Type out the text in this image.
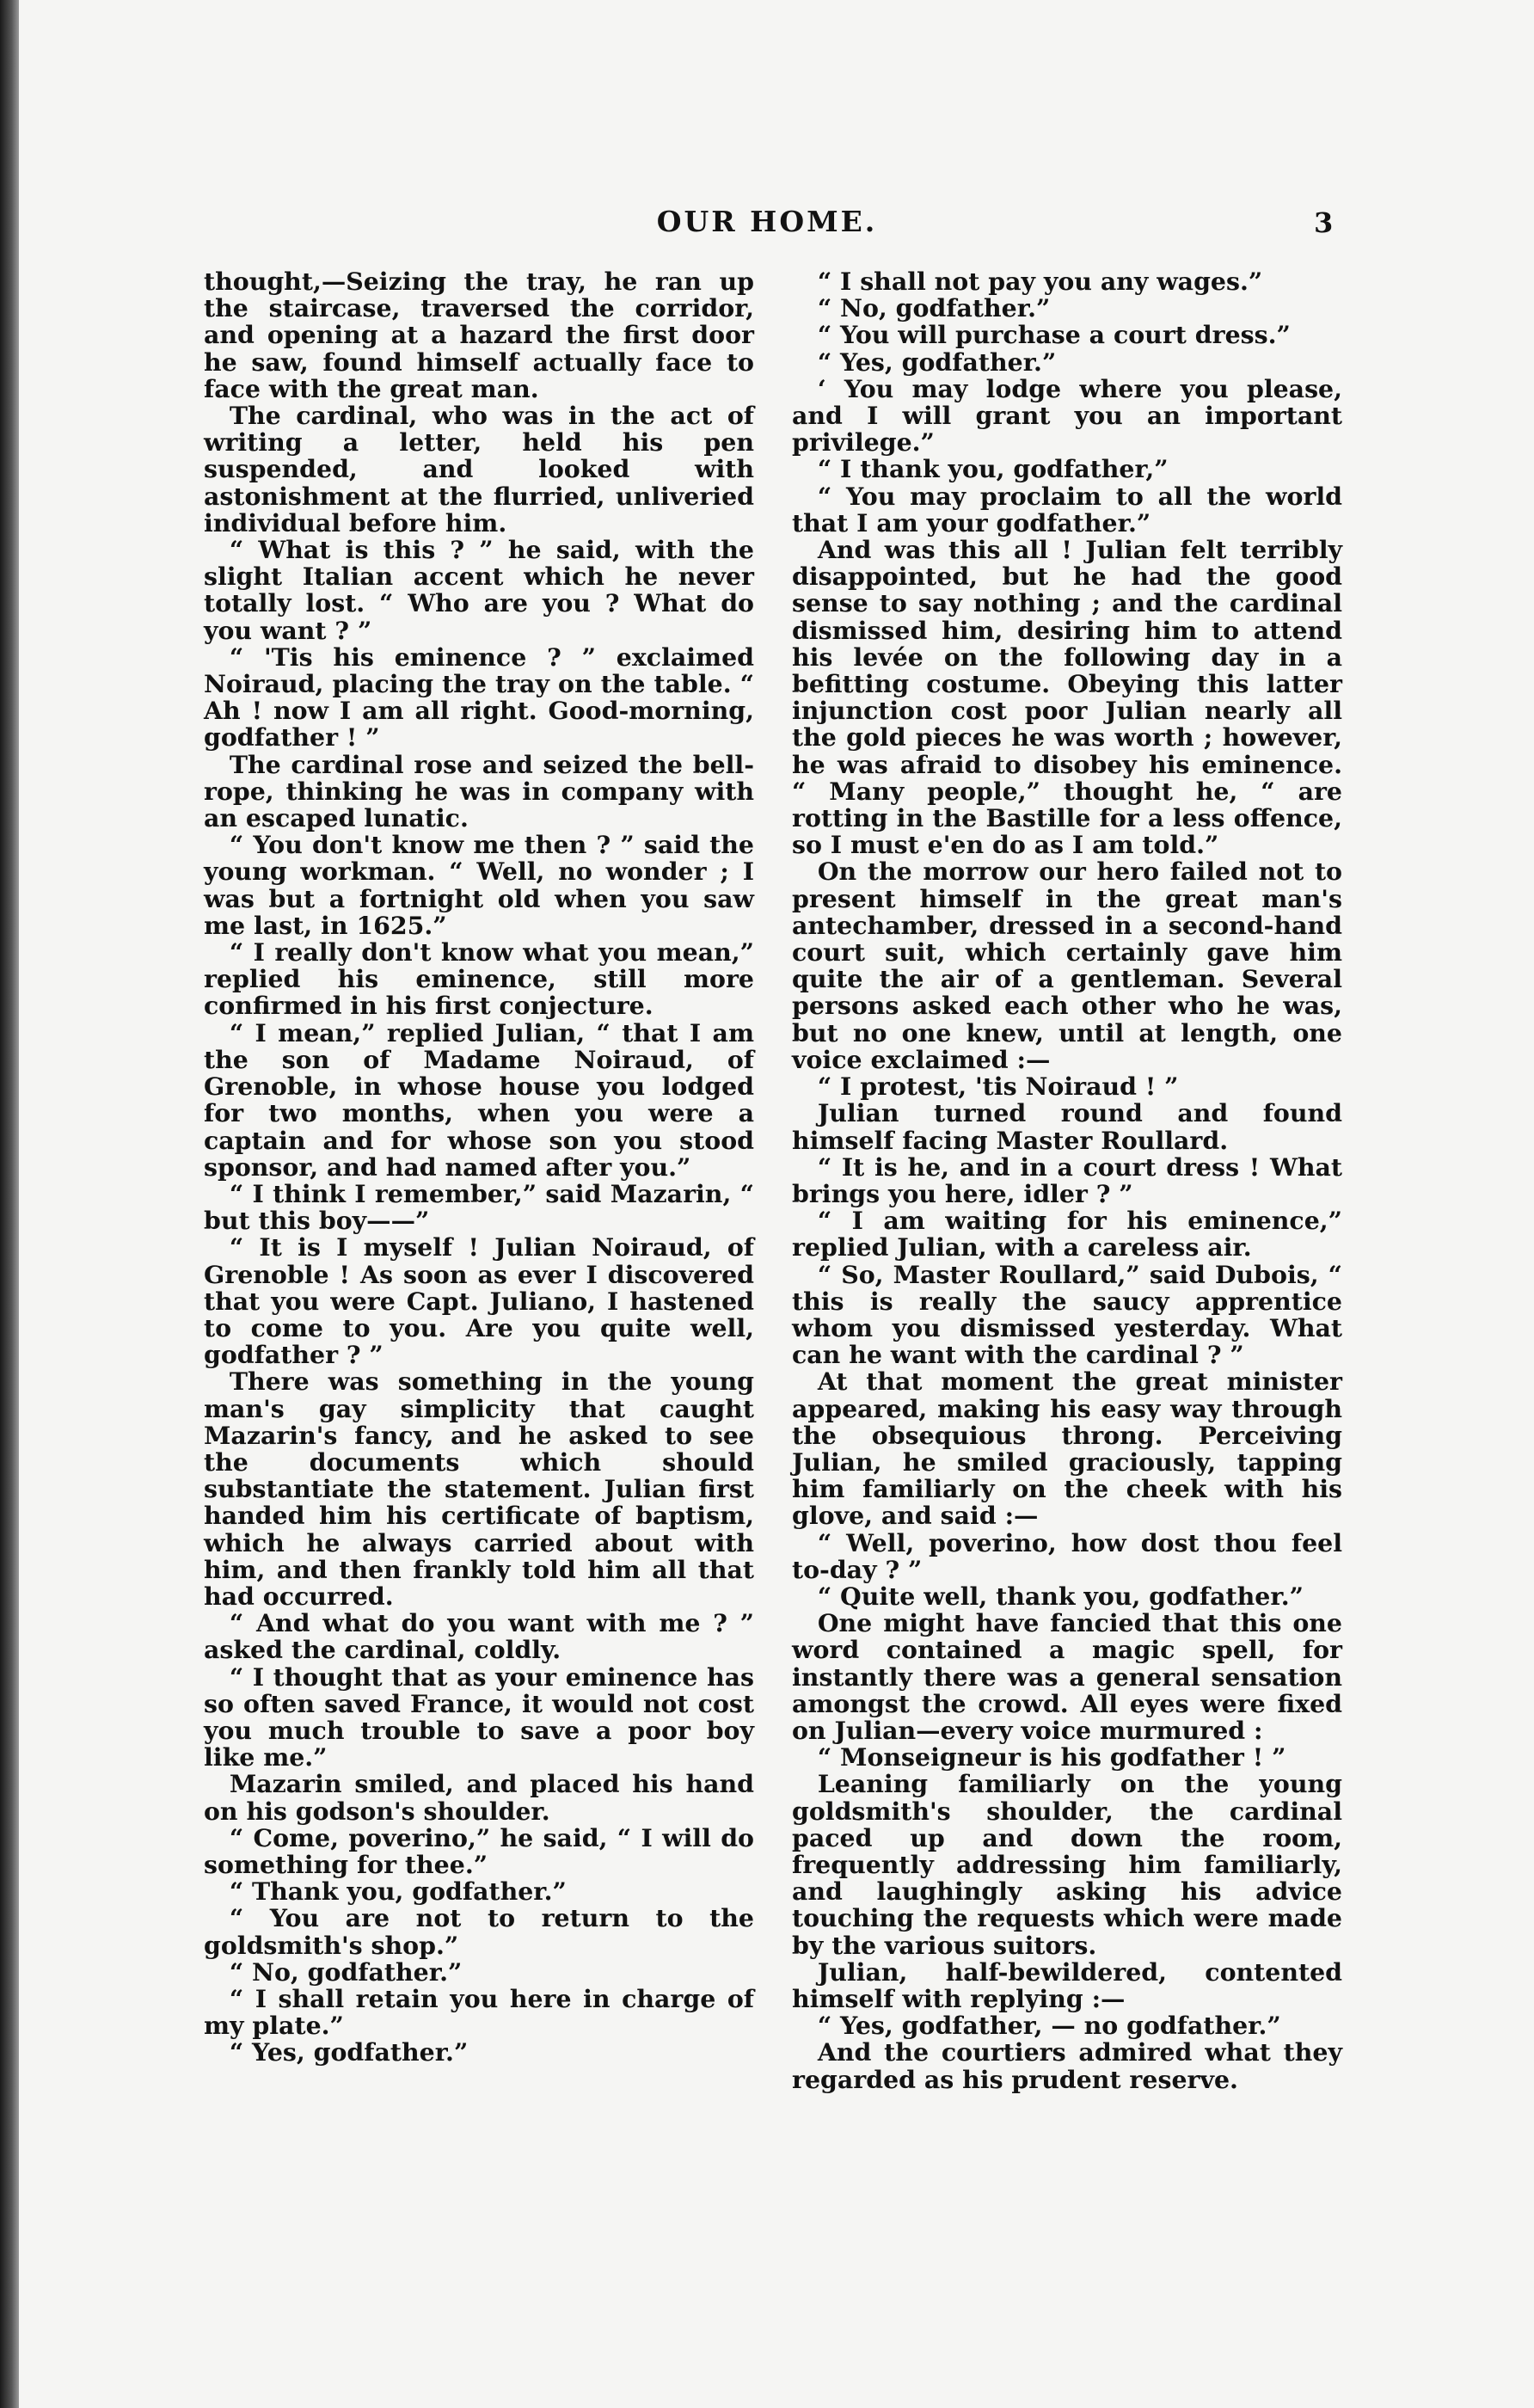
OUR HOME.	3

thought,—Seizing the tray, he ran up the staircase, traversed the corridor, and opening at a hazard the first door he saw, found himself actually face to face with the great man.

The cardinal, who was in the act of writing a letter, held his pen suspended, and looked with astonishment at the flurried, unliveried individual before him.

“ What is this ? ” he said, with the slight Italian accent which he never totally lost. “ Who are you ? What do you want ? ”

“ 'Tis his eminence ? ” exclaimed Noiraud, placing the tray on the table. “ Ah ! now I am all right. Good-morning, godfather ! ”

The cardinal rose and seized the bell-rope, thinking he was in company with an escaped lunatic.

“ You don't know me then ? ” said the young workman. “ Well, no wonder ; I was but a fortnight old when you saw me last, in 1625.”

“ I really don't know what you mean,” replied his eminence, still more confirmed in his first conjecture.

“ I mean,” replied Julian, “ that I am the son of Madame Noiraud, of Grenoble, in whose house you lodged for two months, when you were a captain and for whose son you stood sponsor, and had named after you.”

“ I think I remember,” said Mazarin, “ but this boy——”

“ It is I myself ! Julian Noiraud, of Grenoble ! As soon as ever I discovered that you were Capt. Juliano, I hastened to come to you. Are you quite well, godfather ? ”

There was something in the young man's gay simplicity that caught Mazarin's fancy, and he asked to see the documents which should substantiate the statement. Julian first handed him his certificate of baptism, which he always carried about with him, and then frankly told him all that had occurred.

“ And what do you want with me ? ” asked the cardinal, coldly.

“ I thought that as your eminence has so often saved France, it would not cost you much trouble to save a poor boy like me.”

Mazarin smiled, and placed his hand on his godson's shoulder.

“ Come, poverino,” he said, “ I will do something for thee.”

“ Thank you, godfather.”

“ You are not to return to the goldsmith's shop.”

“ No, godfather.”

“ I shall retain you here in charge of my plate.”

“ Yes, godfather.”

“ I shall not pay you any wages.”

“ No, godfather.”

“ You will purchase a court dress.”

“ Yes, godfather.”

‘ You may lodge where you please, and I will grant you an important privilege.”

“ I thank you, godfather,”

“ You may proclaim to all the world that I am your godfather.”

And was this all ! Julian felt terribly disappointed, but he had the good sense to say nothing ; and the cardinal dismissed him, desiring him to attend his levée on the following day in a befitting costume. Obeying this latter injunction cost poor Julian nearly all the gold pieces he was worth ; however, he was afraid to disobey his eminence. “ Many people,” thought he, “ are rotting in the Bastille for a less offence, so I must e'en do as I am told.”

On the morrow our hero failed not to present himself in the great man's antechamber, dressed in a second-hand court suit, which certainly gave him quite the air of a gentleman. Several persons asked each other who he was, but no one knew, until at length, one voice exclaimed :—

“ I protest, 'tis Noiraud ! ”

Julian turned round and found himself facing Master Roullard.

“ It is he, and in a court dress ! What brings you here, idler ? ”

“ I am waiting for his eminence,” replied Julian, with a careless air.

“ So, Master Roullard,” said Dubois, “ this is really the saucy apprentice whom you dismissed yesterday. What can he want with the cardinal ? ”

At that moment the great minister appeared, making his easy way through the obsequious throng. Perceiving Julian, he smiled graciously, tapping him familiarly on the cheek with his glove, and said :—

“ Well, poverino, how dost thou feel to-day ? ”

“ Quite well, thank you, godfather.”

One might have fancied that this one word contained a magic spell, for instantly there was a general sensation amongst the crowd. All eyes were fixed on Julian—every voice murmured :

“ Monseigneur is his godfather ! ”

Leaning familiarly on the young goldsmith's shoulder, the cardinal paced up and down the room, frequently addressing him familiarly, and laughingly asking his advice touching the requests which were made by the various suitors.

Julian, half-bewildered, contented himself with replying :—

“ Yes, godfather, — no godfather.”

And the courtiers admired what they regarded as his prudent reserve.
